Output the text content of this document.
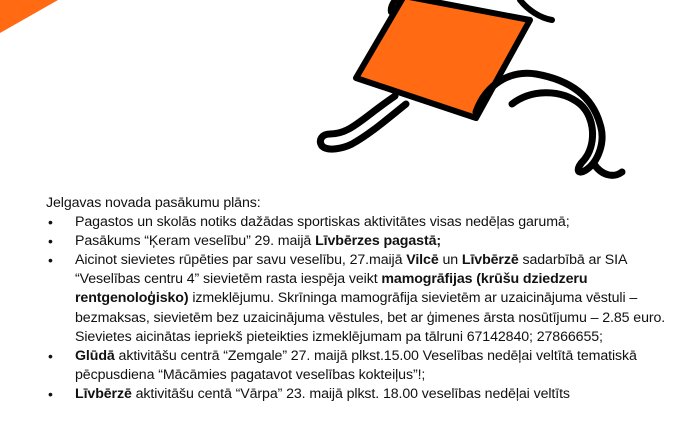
Jelgavas novada pasākumu plāns:
• Pagastos un skolās notiks dažādas sportiskas aktivitātes visas nedēļas garumā;
• Pasākums “Ķeram veselību” 29. maijā Līvbērzes pagastā;
• Aicinot sievietes rūpēties par savu veselību, 27.maijā Vilcē un Līvbērzē sadarbībā ar SIA “Veselības centru 4” sievietēm rasta iespēja veikt mamogrāfijas (krūšu dziedzeru rentgenoloģisko) izmeklējumu. Skrīninga mamogrāfija sievietēm ar uzaicinājuma vēstuli – bezmaksas, sievietēm bez uzaicinājuma vēstules, bet ar ģimenes ārsta nosūtījumu – 2.85 euro. Sievietes aicinātas iepriekš pieteikties izmeklējumam pa tālruni 67142840; 27866655;
• Glūdā aktivitāšu centrā “Zemgale” 27. maijā plkst.15.00 Veselības nedēļai veltītā tematiskā pēcpusdiena “Mācāmies pagatavot veselības kokteiļus”!;
• Līvbērzē aktivitāšu centā “Vārpa” 23. maijā plkst. 18.00 veselības nedēļai veltīts
